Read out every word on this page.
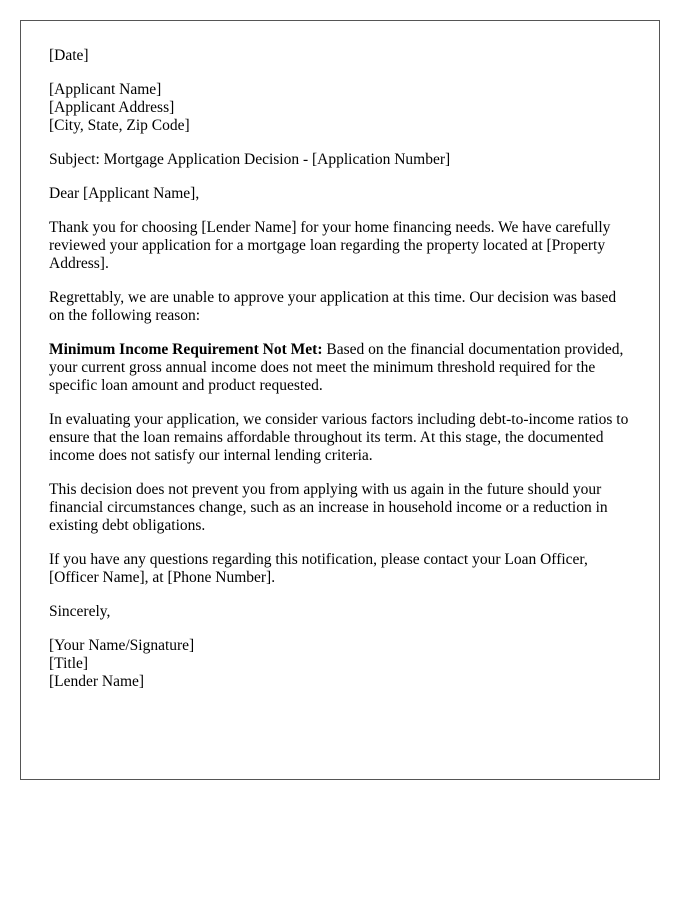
[Date]

[Applicant Name]
[Applicant Address]
[City, State, Zip Code]

Subject: Mortgage Application Decision - [Application Number]

Dear [Applicant Name],

Thank you for choosing [Lender Name] for your home financing needs. We have carefully reviewed your application for a mortgage loan regarding the property located at [Property Address].

Regrettably, we are unable to approve your application at this time. Our decision was based on the following reason:

Minimum Income Requirement Not Met: Based on the financial documentation provided, your current gross annual income does not meet the minimum threshold required for the specific loan amount and product requested.

In evaluating your application, we consider various factors including debt-to-income ratios to ensure that the loan remains affordable throughout its term. At this stage, the documented income does not satisfy our internal lending criteria.

This decision does not prevent you from applying with us again in the future should your financial circumstances change, such as an increase in household income or a reduction in existing debt obligations.

If you have any questions regarding this notification, please contact your Loan Officer, [Officer Name], at [Phone Number].

Sincerely,

[Your Name/Signature]
[Title]
[Lender Name]
